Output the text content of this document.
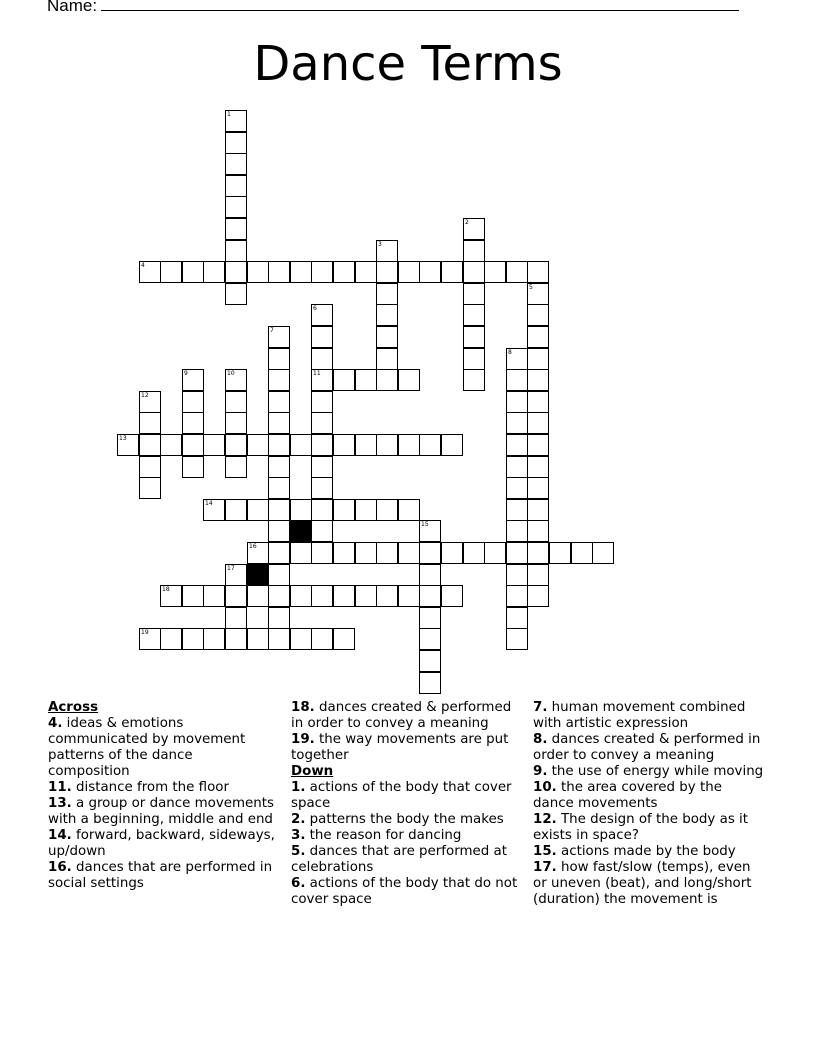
Name:
Dance Terms
1
2
3
4
5
6
11
7
8
9	10
12
13
14
15
16
17
18
19
Across
4. ideas & emotions communicated by movement patterns of the dance composition
11. distance from the floor
13. a group or dance movements with a beginning, middle and end
14. forward, backward, sideways, up/down
16. dances that are performed in social settings
18. dances created & performed in order to convey a meaning
19. the way movements are put together
Down
1. actions of the body that cover space
2. patterns the body the makes
3. the reason for dancing
5. dances that are performed at celebrations
6. actions of the body that do not cover space
7. human movement combined with artistic expression
8. dances created & performed in order to convey a meaning
9. the use of energy while moving
10. the area covered by the dance movements
12. The design of the body as it exists in space?
15. actions made by the body
17. how fast/slow (temps), even or uneven (beat), and long/short (duration) the movement is
